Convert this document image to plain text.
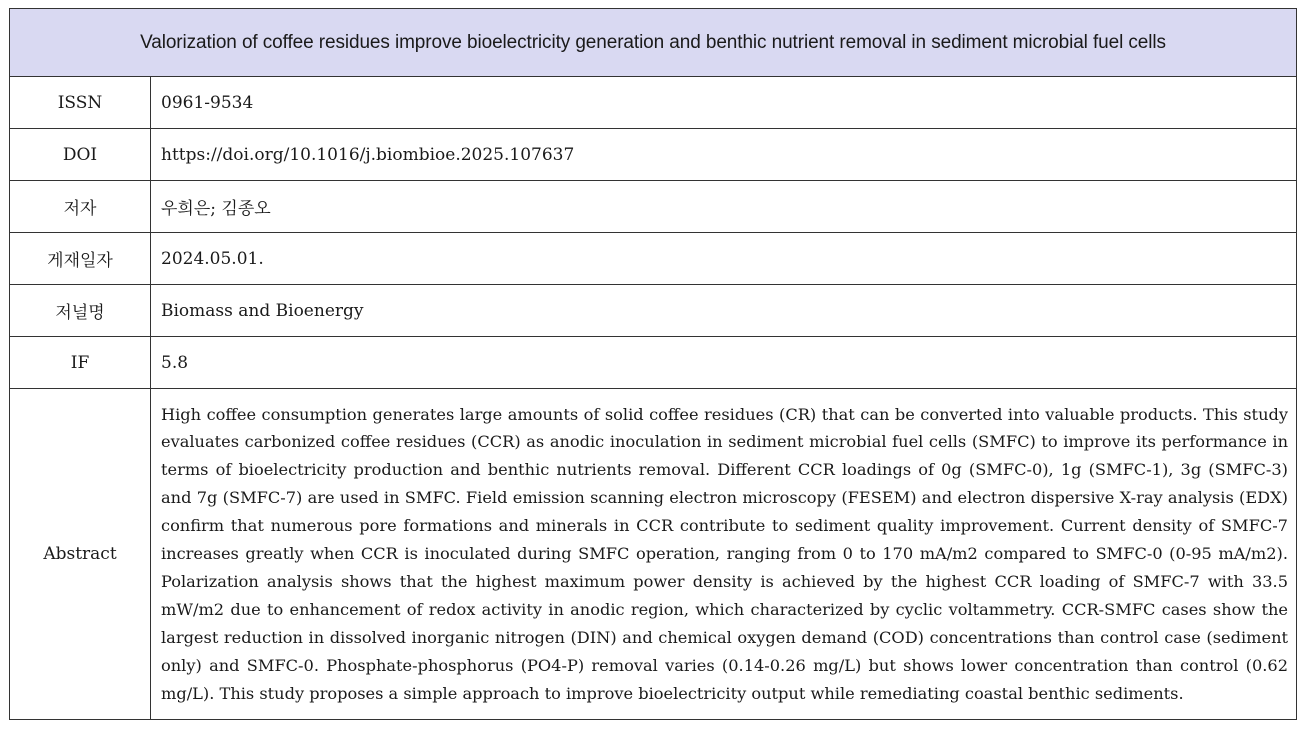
Valorization of coffee residues improve bioelectricity generation and benthic nutrient removal in sediment microbial fuel cells	
ISSN	0961-9534
DOI	https://doi.org/10.1016/j.biombioe.2025.107637
저자	우희은; 김종오
게재일자	2024.05.01.
저널명	Biomass and Bioenergy
IF	5.8
Abstract	High coffee consumption generates large amounts of solid coffee residues (CR) that can be converted into valuable products. This study evaluates carbonized coffee residues (CCR) as anodic inoculation in sediment microbial fuel cells (SMFC) to improve its performance in terms of bioelectricity production and benthic nutrients removal. Different CCR loadings of 0g (SMFC-0), 1g (SMFC-1), 3g (SMFC-3) and 7g (SMFC-7) are used in SMFC. Field emission scanning electron microscopy (FESEM) and electron dispersive X-ray analysis (EDX) confirm that numerous pore formations and minerals in CCR contribute to sediment quality improvement. Current density of SMFC-7 increases greatly when CCR is inoculated during SMFC operation, ranging from 0 to 170 mA/m2 compared to SMFC-0 (0-95 mA/m2). Polarization analysis shows that the highest maximum power density is achieved by the highest CCR loading of SMFC-7 with 33.5 mW/m2 due to enhancement of redox activity in anodic region, which characterized by cyclic voltammetry. CCR-SMFC cases show the largest reduction in dissolved inorganic nitrogen (DIN) and chemical oxygen demand (COD) concentrations than control case (sediment only) and SMFC-0. Phosphate-phosphorus (PO4-P) removal varies (0.14-0.26 mg/L) but shows lower concentration than control (0.62 mg/L). This study proposes a simple approach to improve bioelectricity output while remediating coastal benthic sediments.
